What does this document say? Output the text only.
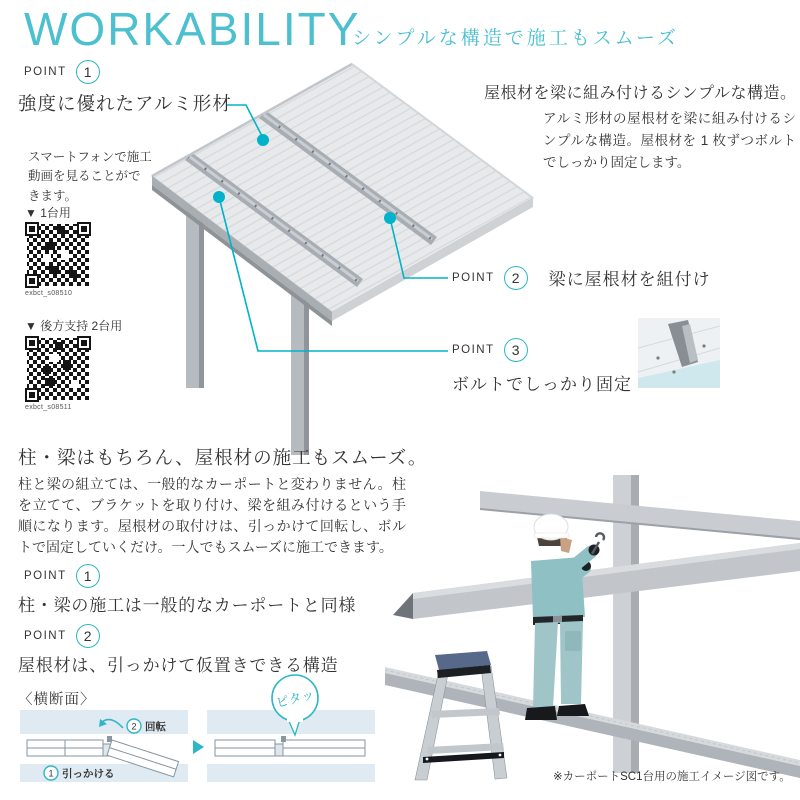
WORKABILITY
シンプルな構造で施工もスムーズ
POINT	1
強度に優れたアルミ形材	屋根材を梁に組み付けるシンプルな構造。
アルミ形材の屋根材を梁に組み付けるシンプルな構造。屋根材を 1 枚ずつボルトでしっかり固定します。
スマートフォンで施工動画を見ることができます。
▼ 1台用
exbct_s08510
▼ 後方支持 2台用
exbct_s08511
POINT	2	梁に屋根材を組付け
POINT	3
ボルトでしっかり固定
柱・梁はもちろん、屋根材の施工もスムーズ。
柱と梁の組立ては、一般的なカーポートと変わりません。柱を立てて、ブラケットを取り付け、梁を組み付けるという手順になります。屋根材の取付けは、引っかけて回転し、ボルトで固定していくだけ。一人でもスムーズに施工できます。
POINT	1
柱・梁の施工は一般的なカーポートと同様
POINT	2
屋根材は、引っかけて仮置きできる構造
〈横断面〉
2 回転
1 引っかける
ピタッ
※カーポートSC1台用の施工イメージ図です。
